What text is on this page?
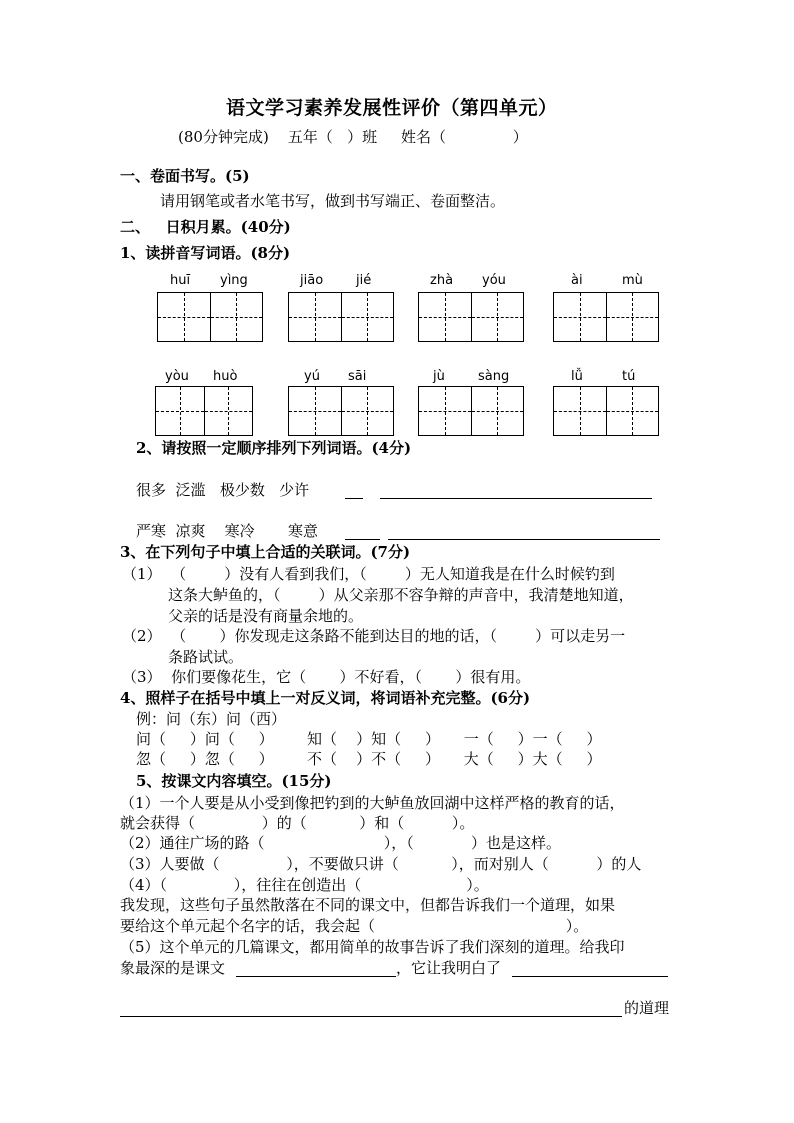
语文学习素养发展性评价（第四单元）
(80分钟完成)    五年（   ）班     姓名（              ）
一、卷面书写。(5)
请用钢笔或者水笔书写，做到书写端正、卷面整洁。
二、   日积月累。(40分)
1、读拼音写词语。(8分)
huī yìng	jiāo	jié	zhà yóu	ài	mù
yòu huò	yú sāi	jù	sàng	lǚ	tú
2、请按照一定顺序排列下列词语。(4分)
很多  泛滥   极少数   少许
严寒  凉爽    寒冷       寒意
3、在下列句子中填上合适的关联词。(7分)
（1）  （        ）没有人看到我们，（        ）无人知道我是在什么时候钓到
这条大鲈鱼的，（        ）从父亲那不容争辩的声音中，我清楚地知道，
父亲的话是没有商量余地的。
（2）  （       ）你发现走这条路不能到达目的地的话，（        ）可以走另一
条路试试。
（3）  你们要像花生，它（       ）不好看，（       ）很有用。
4、照样子在括号中填上一对反义词，将词语补充完整。(6分)
例：问（东）问（西）
问（     ）问（     ）       知（    ）知（     ）     一（     ）一（     ）
忽（     ）忽（     ）       不（    ）不（     ）     大（     ）大（     ）
5、按课文内容填空。(15分)
（1）一个人要是从小受到像把钓到的大鲈鱼放回湖中这样严格的教育的话，
就会获得（              ）的（           ）和（          ）。
（2）通往广场的路（                         ），（            ）也是这样。
（3）人要做（              ），不要做只讲（           ），而对别人（          ）的人
（4）（              ），往往在创造出（                      ）。
我发现，这些句子虽然散落在不同的课文中，但都告诉我们一个道理，如果
要给这个单元起个名字的话，我会起（                                        ）。
（5）这个单元的几篇课文，都用简单的故事告诉了我们深刻的道理。给我印
象最深的是课文	，它让我明白了
的道理
